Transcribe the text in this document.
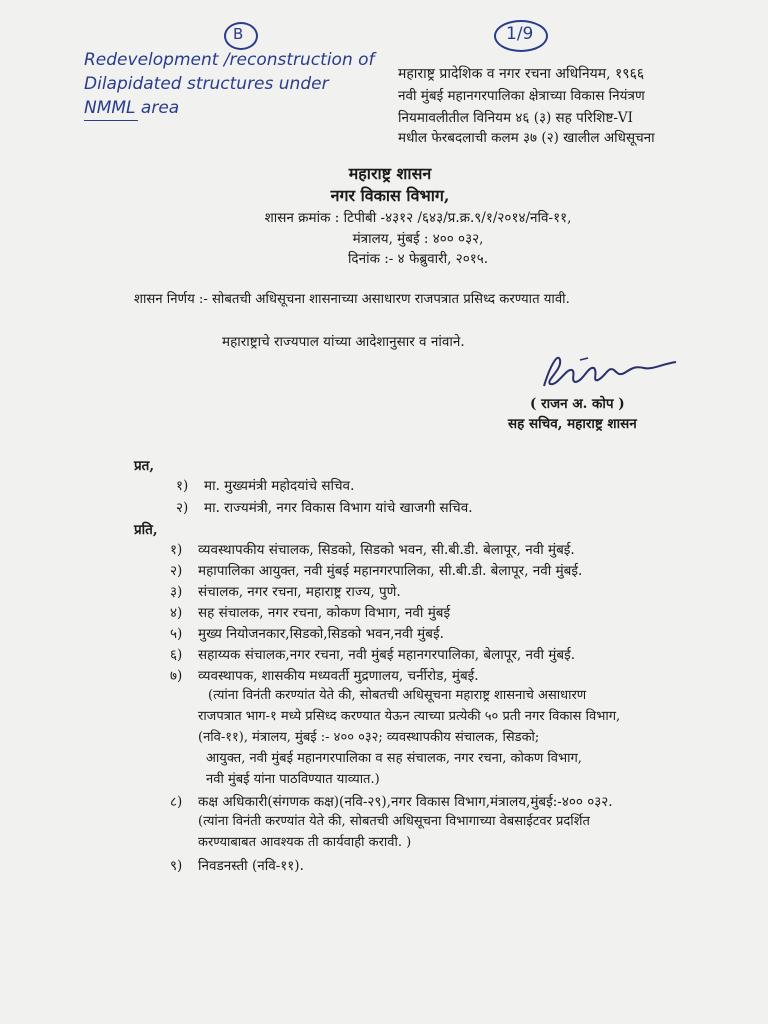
B	1/9
Redevelopment /reconstruction of
Dilapidated structures under
NMML area
महाराष्ट्र प्रादेशिक व नगर रचना अधिनियम, १९६६
नवी मुंबई महानगरपालिका क्षेत्राच्या विकास नियंत्रण
नियमावलीतील विनियम ४६ (३) सह परिशिष्ट-VI
मधील फेरबदलाची कलम ३७ (२) खालील अधिसूचना
महाराष्ट्र शासन
नगर विकास विभाग,
शासन क्रमांक : टिपीबी -४३१२ /६४३/प्र.क्र.९/१/२०१४/नवि-११,
मंत्रालय, मुंबई : ४०० ०३२,
दिनांक :- ४ फेब्रुवारी, २०१५.
शासन निर्णय :- सोबतची अधिसूचना शासनाच्या असाधारण राजपत्रात प्रसिध्द करण्यात यावी.
महाराष्ट्राचे राज्यपाल यांच्या आदेशानुसार व नांवाने.
( राजन अ. कोप )
सह सचिव, महाराष्ट्र शासन
प्रत,
१) मा. मुख्यमंत्री महोदयांचे सचिव.
२) मा. राज्यमंत्री, नगर विकास विभाग यांचे खाजगी सचिव.
प्रति,
१) व्यवस्थापकीय संचालक, सिडको, सिडको भवन, सी.बी.डी. बेलापूर, नवी मुंबई.
२) महापालिका आयुक्त, नवी मुंबई महानगरपालिका, सी.बी.डी. बेलापूर, नवी मुंबई.
३) संचालक, नगर रचना, महाराष्ट्र राज्य, पुणे.
४) सह संचालक, नगर रचना, कोकण विभाग, नवी मुंबई
५) मुख्य नियोजनकार,सिडको,सिडको भवन,नवी मुंबई.
६) सहाय्यक संचालक,नगर रचना, नवी मुंबई महानगरपालिका, बेलापूर, नवी मुंबई.
७) व्यवस्थापक, शासकीय मध्यवर्ती मुद्रणालय, चर्नीरोड, मुंबई.
(त्यांना विनंती करण्यांत येते की, सोबतची अधिसूचना महाराष्ट्र शासनाचे असाधारण
राजपत्रात भाग-१ मध्ये प्रसिध्द करण्यात येऊन त्याच्या प्रत्येकी ५० प्रती नगर विकास विभाग,
(नवि-११), मंत्रालय, मुंबई :- ४०० ०३२; व्यवस्थापकीय संचालक, सिडको;
आयुक्त, नवी मुंबई महानगरपालिका व सह संचालक, नगर रचना, कोकण विभाग,
नवी मुंबई यांना पाठविण्यात याव्यात.)
८) कक्ष अधिकारी(संगणक कक्ष)(नवि-२९),नगर विकास विभाग,मंत्रालय,मुंबई:-४०० ०३२.
(त्यांना विनंती करण्यांत येते की, सोबतची अधिसूचना विभागाच्या वेबसाईटवर प्रदर्शित
करण्याबाबत आवश्यक ती कार्यवाही करावी. )
९) निवडनस्ती (नवि-११).
